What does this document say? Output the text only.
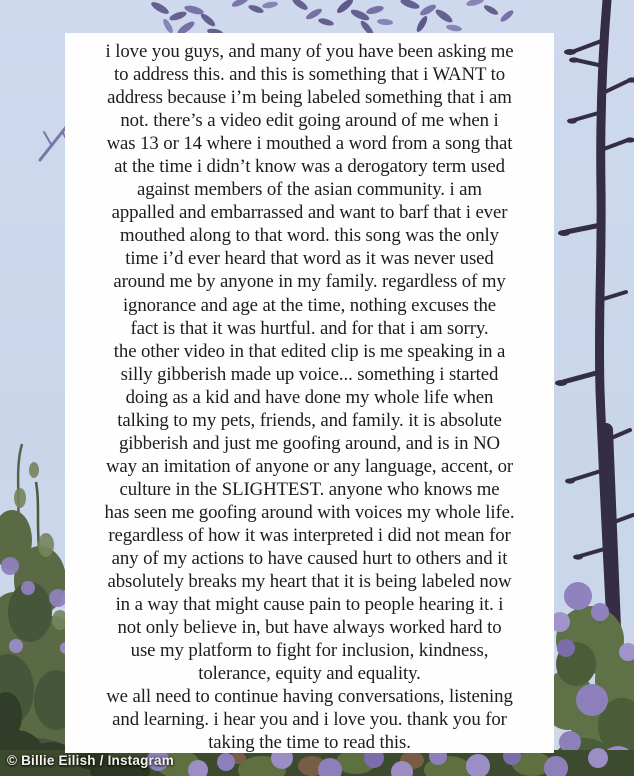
i love you guys, and many of you have been asking me
to address this. and this is something that i WANT to
address because i’m being labeled something that i am
not. there’s a video edit going around of me when i
was 13 or 14 where i mouthed a word from a song that
at the time i didn’t know was a derogatory term used
against members of the asian community. i am
appalled and embarrassed and want to barf that i ever
mouthed along to that word. this song was the only
time i’d ever heard that word as it was never used
around me by anyone in my family. regardless of my
ignorance and age at the time, nothing excuses the
fact is that it was hurtful. and for that i am sorry.
the other video in that edited clip is me speaking in a
silly gibberish made up voice... something i started
doing as a kid and have done my whole life when
talking to my pets, friends, and family. it is absolute
gibberish and just me goofing around, and is in NO
way an imitation of anyone or any language, accent, or
culture in the SLIGHTEST. anyone who knows me
has seen me goofing around with voices my whole life.
regardless of how it was interpreted i did not mean for
any of my actions to have caused hurt to others and it
absolutely breaks my heart that it is being labeled now
in a way that might cause pain to people hearing it. i
not only believe in, but have always worked hard to
use my platform to fight for inclusion, kindness,
tolerance, equity and equality.
we all need to continue having conversations, listening
and learning. i hear you and i love you. thank you for
taking the time to read this.
© Billie Eilish / Instagram
